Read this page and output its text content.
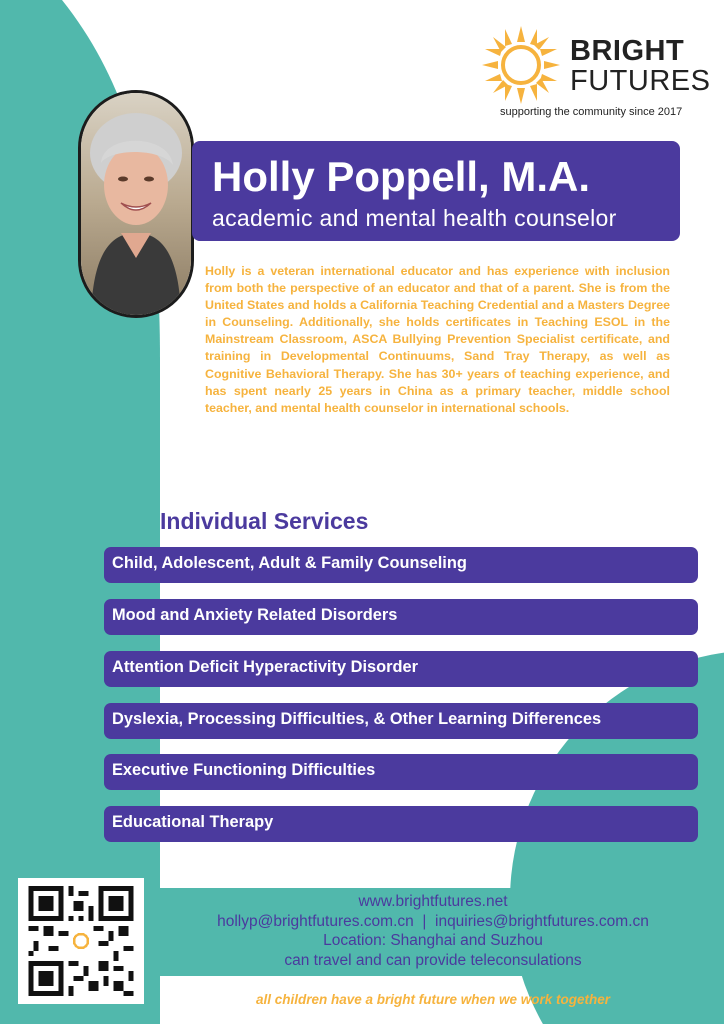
BRIGHT
FUTURES
supporting the community since 2017
Holly Poppell, M.A.
academic and mental health counselor
Holly is a veteran international educator and has experience with inclusion from both the perspective of an educator and that of a parent. She is from the United States and holds a California Teaching Credential and a Masters Degree in Counseling. Additionally, she holds certificates in Teaching ESOL in the Mainstream Classroom, ASCA Bullying Prevention Specialist certificate, and training in Developmental Continuums, Sand Tray Therapy, as well as Cognitive Behavioral Therapy. She has 30+ years of teaching experience, and has spent nearly 25 years in China as a primary teacher, middle school teacher, and mental health counselor in international schools.
Individual Services
Child, Adolescent, Adult & Family Counseling
Mood and Anxiety Related Disorders
Attention Deficit Hyperactivity Disorder
Dyslexia, Processing Difficulties, & Other Learning Differences
Executive Functioning Difficulties
Educational Therapy
www.brightfutures.net
hollyp@brightfutures.com.cn  |  inquiries@brightfutures.com.cn
Location: Shanghai and Suzhou
can travel and can provide teleconsulations
all children have a bright future when we work together
